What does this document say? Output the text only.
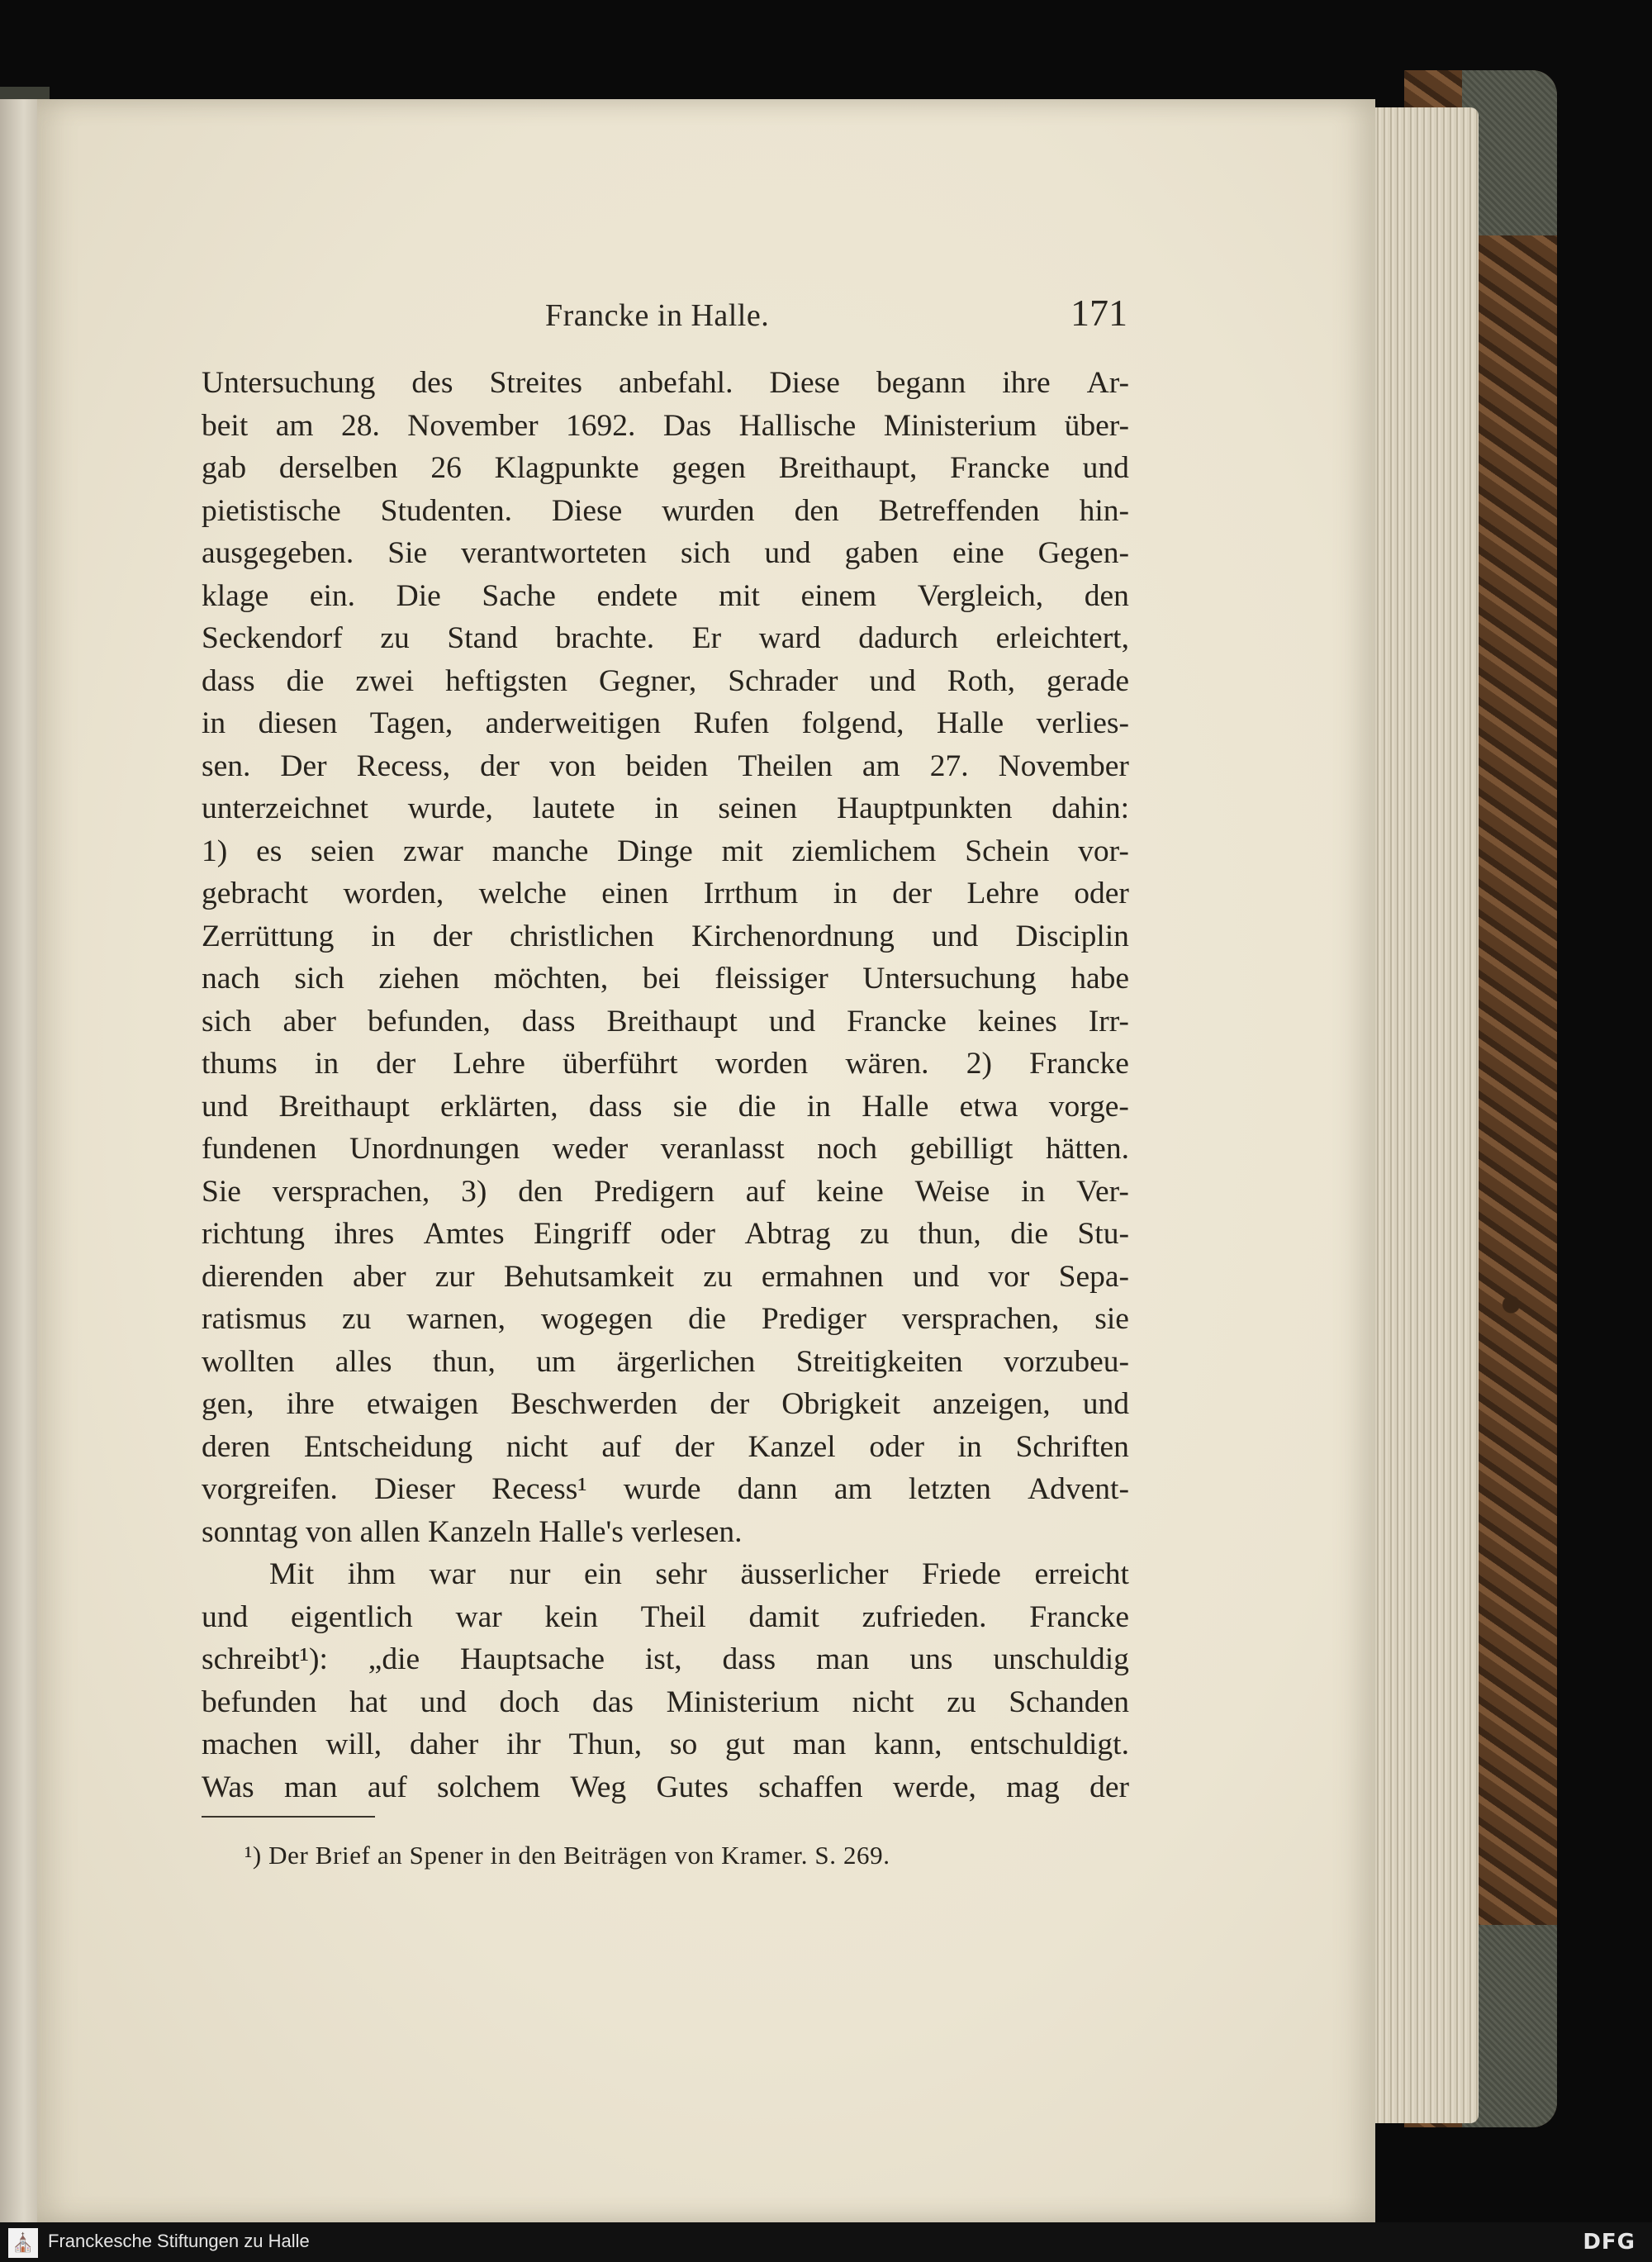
Francke in Halle.	171
Untersuchung des Streites anbefahl. Diese begann ihre Ar-
beit am 28. November 1692. Das Hallische Ministerium über-
gab derselben 26 Klagpunkte gegen Breithaupt, Francke und
pietistische Studenten. Diese wurden den Betreffenden hin-
ausgegeben. Sie verantworteten sich und gaben eine Gegen-
klage ein. Die Sache endete mit einem Vergleich, den
Seckendorf zu Stand brachte. Er ward dadurch erleichtert,
dass die zwei heftigsten Gegner, Schrader und Roth, gerade
in diesen Tagen, anderweitigen Rufen folgend, Halle verlies-
sen. Der Recess, der von beiden Theilen am 27. November
unterzeichnet wurde, lautete in seinen Hauptpunkten dahin:
1) es seien zwar manche Dinge mit ziemlichem Schein vor-
gebracht worden, welche einen Irrthum in der Lehre oder
Zerrüttung in der christlichen Kirchenordnung und Disciplin
nach sich ziehen möchten, bei fleissiger Untersuchung habe
sich aber befunden, dass Breithaupt und Francke keines Irr-
thums in der Lehre überführt worden wären. 2) Francke
und Breithaupt erklärten, dass sie die in Halle etwa vorge-
fundenen Unordnungen weder veranlasst noch gebilligt hätten.
Sie versprachen, 3) den Predigern auf keine Weise in Ver-
richtung ihres Amtes Eingriff oder Abtrag zu thun, die Stu-
dierenden aber zur Behutsamkeit zu ermahnen und vor Sepa-
ratismus zu warnen, wogegen die Prediger versprachen, sie
wollten alles thun, um ärgerlichen Streitigkeiten vorzubeu-
gen, ihre etwaigen Beschwerden der Obrigkeit anzeigen, und
deren Entscheidung nicht auf der Kanzel oder in Schriften
vorgreifen. Dieser Recess¹ wurde dann am letzten Advent-
sonntag
von
allen
Kanzeln
Halle's
verlesen.
Mit ihm war nur ein sehr äusserlicher Friede erreicht
und eigentlich war kein Theil damit zufrieden. Francke
schreibt¹): „die Hauptsache ist, dass man uns unschuldig
befunden hat und doch das Ministerium nicht zu Schanden
machen will, daher ihr Thun, so gut man kann, entschuldigt.
Was man auf solchem Weg Gutes schaffen werde, mag der
¹) Der Brief an Spener in den Beiträgen von Kramer. S. 269.
⛪ Franckesche Stiftungen zu Halle	DFG
